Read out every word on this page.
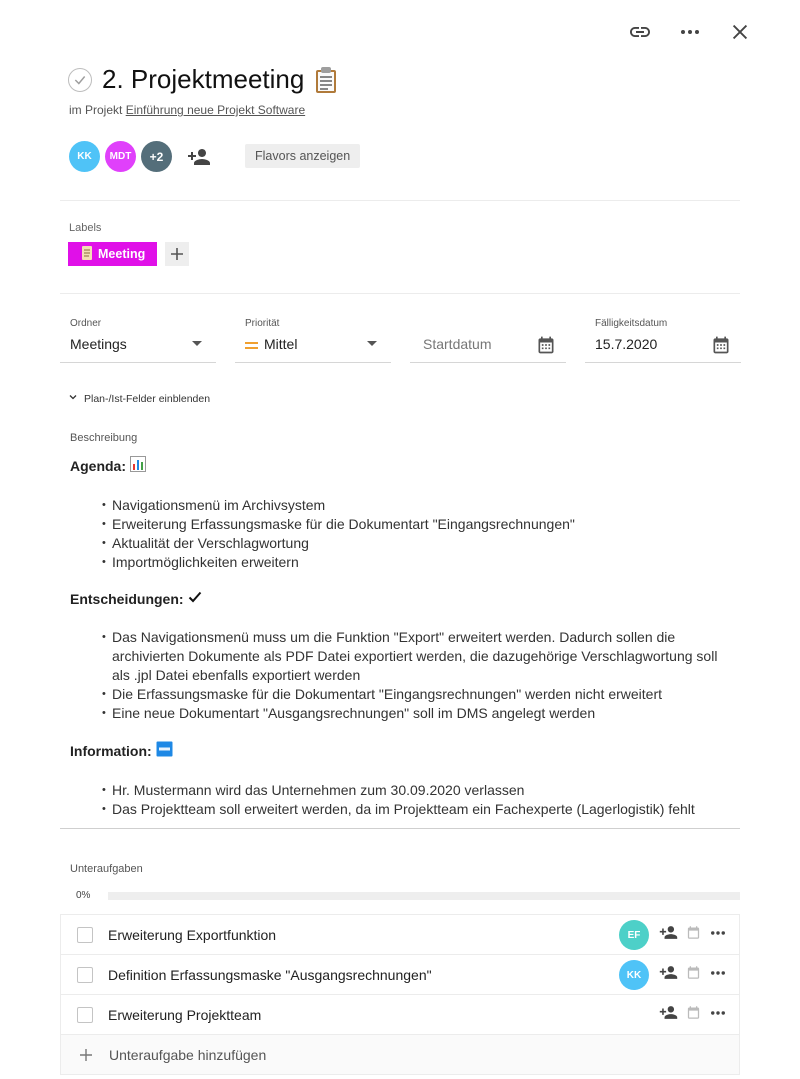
2. Projektmeeting
im Projekt Einführung neue Projekt Software
KK	MDT	+2	Flavors anzeigen
Labels
Meeting
Ordner
Meetings
Priorität
Mittel	Startdatum
Fälligkeitsdatum
15.7.2020
Plan-/Ist-Felder einblenden
Beschreibung
Agenda:
• Navigationsmenü im Archivsystem
• Erweiterung Erfassungsmaske für die Dokumentart "Eingangsrechnungen"
• Aktualität der Verschlagwortung
• Importmöglichkeiten erweitern
Entscheidungen:
• Das Navigationsmenü muss um die Funktion "Export" erweitert werden. Dadurch sollen die archivierten Dokumente als PDF Datei exportiert werden, die dazugehörige Verschlagwortung soll als .jpl Datei ebenfalls exportiert werden
• Die Erfassungsmaske für die Dokumentart "Eingangsrechnungen" werden nicht erweitert
• Eine neue Dokumentart "Ausgangsrechnungen" soll im DMS angelegt werden
Information:
• Hr. Mustermann wird das Unternehmen zum 30.09.2020 verlassen
• Das Projektteam soll erweitert werden, da im Projektteam ein Fachexperte (Lagerlogistik) fehlt
Unteraufgaben
0%
Erweiterung Exportfunktion	EF
Definition Erfassungsmaske "Ausgangsrechnungen"	KK
Erweiterung Projektteam
Unteraufgabe hinzufügen
